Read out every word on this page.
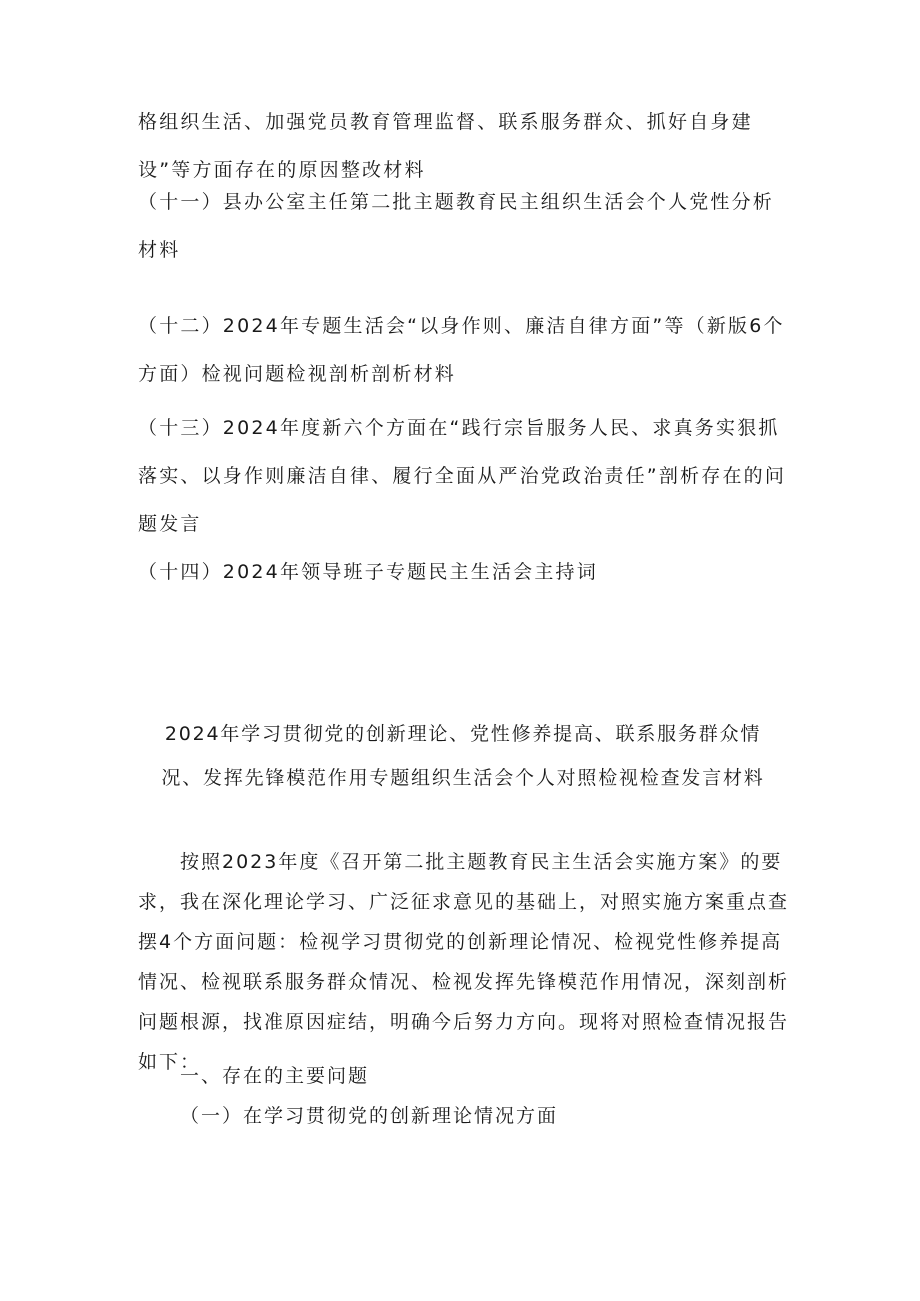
格组织生活、加强党员教育管理监督、联系服务群众、抓好自身建设”等方面存在的原因整改材料

（十一）县办公室主任第二批主题教育民主组织生活会个人党性分析材料

（十二）2024年专题生活会“以身作则、廉洁自律方面”等（新版6个方面）检视问题检视剖析剖析材料

（十三）2024年度新六个方面在“践行宗旨服务人民、求真务实狠抓落实、以身作则廉洁自律、履行全面从严治党政治责任”剖析存在的问题发言

（十四）2024年领导班子专题民主生活会主持词

2024年学习贯彻党的创新理论、党性修养提高、联系服务群众情
况、发挥先锋模范作用专题组织生活会个人对照检视检查发言材料

按照2023年度《召开第二批主题教育民主生活会实施方案》的要求，我在深化理论学习、广泛征求意见的基础上，对照实施方案重点查摆4个方面问题：检视学习贯彻党的创新理论情况、检视党性修养提高情况、检视联系服务群众情况、检视发挥先锋模范作用情况，深刻剖析问题根源，找准原因症结，明确今后努力方向。现将对照检查情况报告如下：

一、存在的主要问题

（一）在学习贯彻党的创新理论情况方面
